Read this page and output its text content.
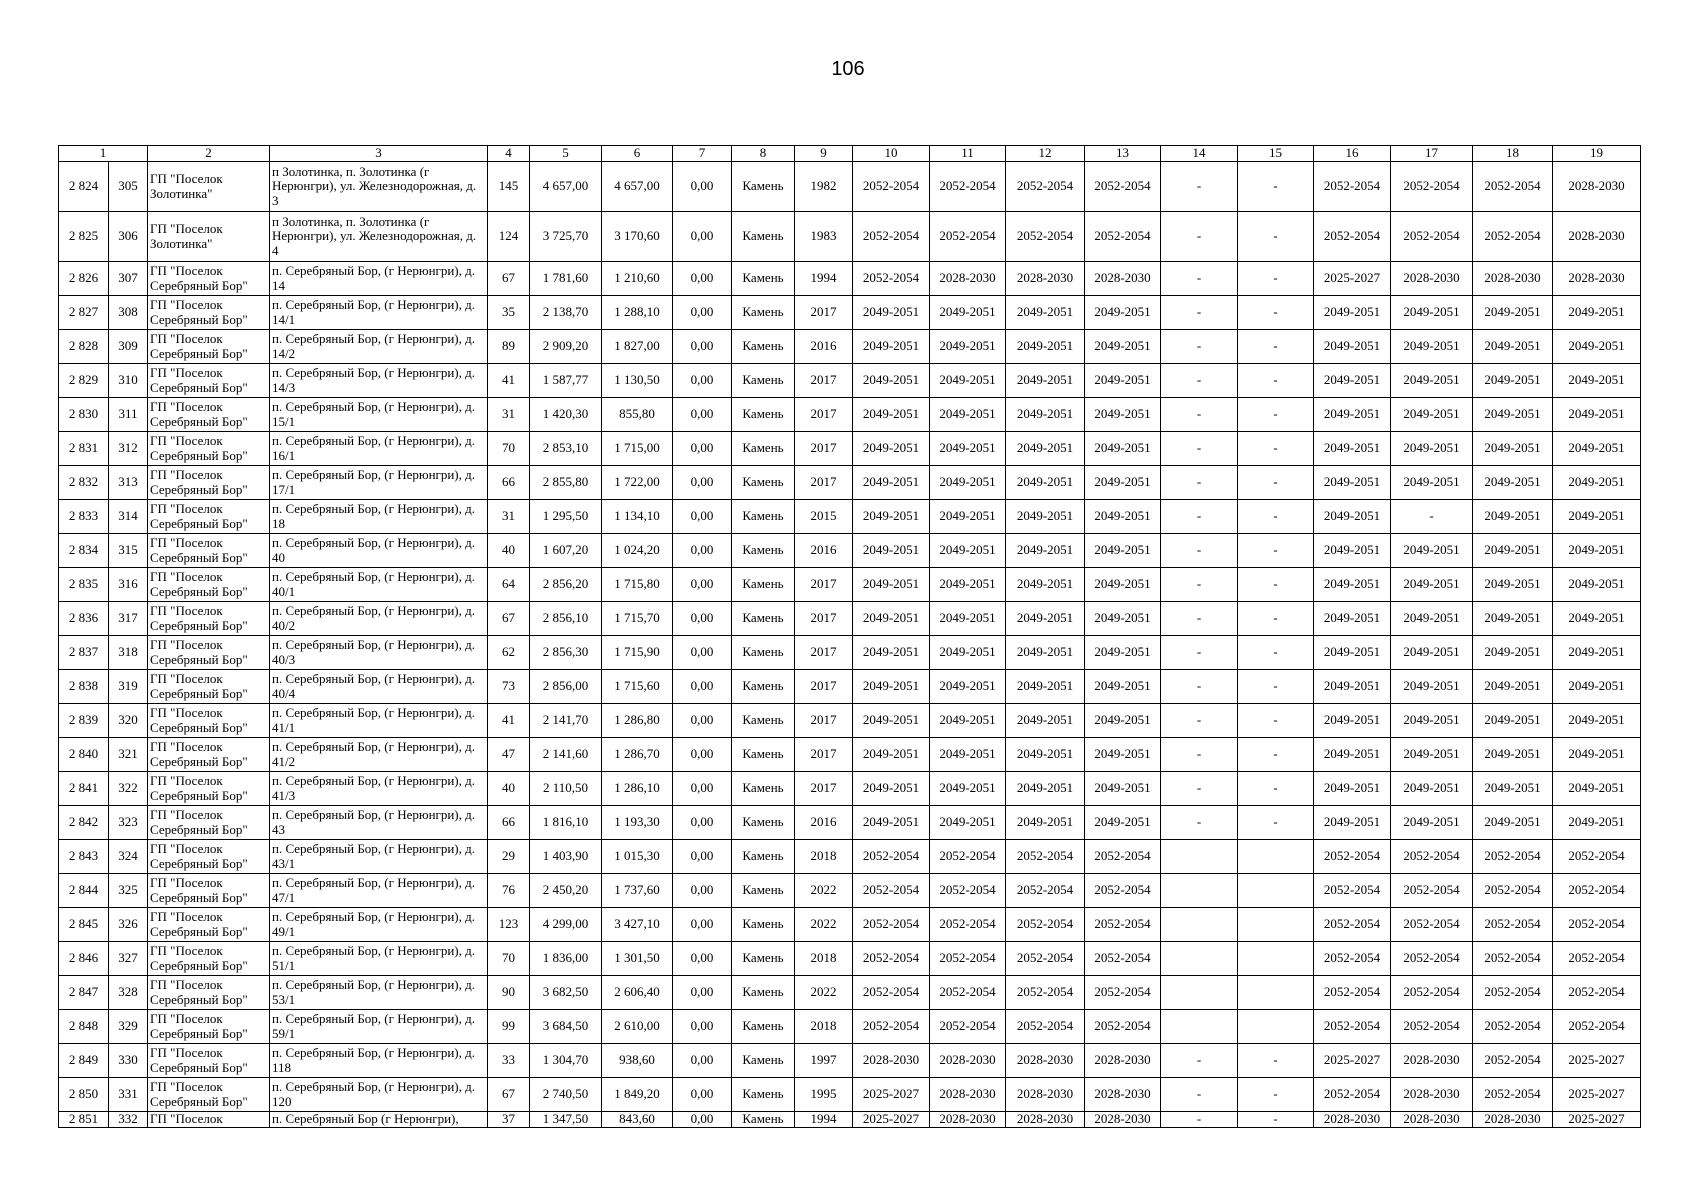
106
1		2	3	4	5	6	7	8	9	10	11	12	13	14	15	16	17	18	19
2 824	305	ГП "Поселок Золотинка"	п Золотинка, п. Золотинка (г Нерюнгри), ул. Железнодорожная, д. 3	145	4 657,00	4 657,00	0,00	Камень	1982	2052-2054	2052-2054	2052-2054	2052-2054	-	-	2052-2054	2052-2054	2052-2054	2028-2030
2 825	306	ГП "Поселок Золотинка"	п Золотинка, п. Золотинка (г Нерюнгри), ул. Железнодорожная, д. 4	124	3 725,70	3 170,60	0,00	Камень	1983	2052-2054	2052-2054	2052-2054	2052-2054	-	-	2052-2054	2052-2054	2052-2054	2028-2030
2 826	307	ГП "Поселок Серебряный Бор"	п. Серебряный Бор, (г Нерюнгри), д. 14	67	1 781,60	1 210,60	0,00	Камень	1994	2052-2054	2028-2030	2028-2030	2028-2030	-	-	2025-2027	2028-2030	2028-2030	2028-2030
2 827	308	ГП "Поселок Серебряный Бор"	п. Серебряный Бор, (г Нерюнгри), д. 14/1	35	2 138,70	1 288,10	0,00	Камень	2017	2049-2051	2049-2051	2049-2051	2049-2051	-	-	2049-2051	2049-2051	2049-2051	2049-2051
2 828	309	ГП "Поселок Серебряный Бор"	п. Серебряный Бор, (г Нерюнгри), д. 14/2	89	2 909,20	1 827,00	0,00	Камень	2016	2049-2051	2049-2051	2049-2051	2049-2051	-	-	2049-2051	2049-2051	2049-2051	2049-2051
2 829	310	ГП "Поселок Серебряный Бор"	п. Серебряный Бор, (г Нерюнгри), д. 14/3	41	1 587,77	1 130,50	0,00	Камень	2017	2049-2051	2049-2051	2049-2051	2049-2051	-	-	2049-2051	2049-2051	2049-2051	2049-2051
2 830	311	ГП "Поселок Серебряный Бор"	п. Серебряный Бор, (г Нерюнгри), д. 15/1	31	1 420,30	855,80	0,00	Камень	2017	2049-2051	2049-2051	2049-2051	2049-2051	-	-	2049-2051	2049-2051	2049-2051	2049-2051
2 831	312	ГП "Поселок Серебряный Бор"	п. Серебряный Бор, (г Нерюнгри), д. 16/1	70	2 853,10	1 715,00	0,00	Камень	2017	2049-2051	2049-2051	2049-2051	2049-2051	-	-	2049-2051	2049-2051	2049-2051	2049-2051
2 832	313	ГП "Поселок Серебряный Бор"	п. Серебряный Бор, (г Нерюнгри), д. 17/1	66	2 855,80	1 722,00	0,00	Камень	2017	2049-2051	2049-2051	2049-2051	2049-2051	-	-	2049-2051	2049-2051	2049-2051	2049-2051
2 833	314	ГП "Поселок Серебряный Бор"	п. Серебряный Бор, (г Нерюнгри), д. 18	31	1 295,50	1 134,10	0,00	Камень	2015	2049-2051	2049-2051	2049-2051	2049-2051	-	-	2049-2051	-	2049-2051	2049-2051
2 834	315	ГП "Поселок Серебряный Бор"	п. Серебряный Бор, (г Нерюнгри), д. 40	40	1 607,20	1 024,20	0,00	Камень	2016	2049-2051	2049-2051	2049-2051	2049-2051	-	-	2049-2051	2049-2051	2049-2051	2049-2051
2 835	316	ГП "Поселок Серебряный Бор"	п. Серебряный Бор, (г Нерюнгри), д. 40/1	64	2 856,20	1 715,80	0,00	Камень	2017	2049-2051	2049-2051	2049-2051	2049-2051	-	-	2049-2051	2049-2051	2049-2051	2049-2051
2 836	317	ГП "Поселок Серебряный Бор"	п. Серебряный Бор, (г Нерюнгри), д. 40/2	67	2 856,10	1 715,70	0,00	Камень	2017	2049-2051	2049-2051	2049-2051	2049-2051	-	-	2049-2051	2049-2051	2049-2051	2049-2051
2 837	318	ГП "Поселок Серебряный Бор"	п. Серебряный Бор, (г Нерюнгри), д. 40/3	62	2 856,30	1 715,90	0,00	Камень	2017	2049-2051	2049-2051	2049-2051	2049-2051	-	-	2049-2051	2049-2051	2049-2051	2049-2051
2 838	319	ГП "Поселок Серебряный Бор"	п. Серебряный Бор, (г Нерюнгри), д. 40/4	73	2 856,00	1 715,60	0,00	Камень	2017	2049-2051	2049-2051	2049-2051	2049-2051	-	-	2049-2051	2049-2051	2049-2051	2049-2051
2 839	320	ГП "Поселок Серебряный Бор"	п. Серебряный Бор, (г Нерюнгри), д. 41/1	41	2 141,70	1 286,80	0,00	Камень	2017	2049-2051	2049-2051	2049-2051	2049-2051	-	-	2049-2051	2049-2051	2049-2051	2049-2051
2 840	321	ГП "Поселок Серебряный Бор"	п. Серебряный Бор, (г Нерюнгри), д. 41/2	47	2 141,60	1 286,70	0,00	Камень	2017	2049-2051	2049-2051	2049-2051	2049-2051	-	-	2049-2051	2049-2051	2049-2051	2049-2051
2 841	322	ГП "Поселок Серебряный Бор"	п. Серебряный Бор, (г Нерюнгри), д. 41/3	40	2 110,50	1 286,10	0,00	Камень	2017	2049-2051	2049-2051	2049-2051	2049-2051	-	-	2049-2051	2049-2051	2049-2051	2049-2051
2 842	323	ГП "Поселок Серебряный Бор"	п. Серебряный Бор, (г Нерюнгри), д. 43	66	1 816,10	1 193,30	0,00	Камень	2016	2049-2051	2049-2051	2049-2051	2049-2051	-	-	2049-2051	2049-2051	2049-2051	2049-2051
2 843	324	ГП "Поселок Серебряный Бор"	п. Серебряный Бор, (г Нерюнгри), д. 43/1	29	1 403,90	1 015,30	0,00	Камень	2018	2052-2054	2052-2054	2052-2054	2052-2054			2052-2054	2052-2054	2052-2054	2052-2054
2 844	325	ГП "Поселок Серебряный Бор"	п. Серебряный Бор, (г Нерюнгри), д. 47/1	76	2 450,20	1 737,60	0,00	Камень	2022	2052-2054	2052-2054	2052-2054	2052-2054			2052-2054	2052-2054	2052-2054	2052-2054
2 845	326	ГП "Поселок Серебряный Бор"	п. Серебряный Бор, (г Нерюнгри), д. 49/1	123	4 299,00	3 427,10	0,00	Камень	2022	2052-2054	2052-2054	2052-2054	2052-2054			2052-2054	2052-2054	2052-2054	2052-2054
2 846	327	ГП "Поселок Серебряный Бор"	п. Серебряный Бор, (г Нерюнгри), д. 51/1	70	1 836,00	1 301,50	0,00	Камень	2018	2052-2054	2052-2054	2052-2054	2052-2054			2052-2054	2052-2054	2052-2054	2052-2054
2 847	328	ГП "Поселок Серебряный Бор"	п. Серебряный Бор, (г Нерюнгри), д. 53/1	90	3 682,50	2 606,40	0,00	Камень	2022	2052-2054	2052-2054	2052-2054	2052-2054			2052-2054	2052-2054	2052-2054	2052-2054
2 848	329	ГП "Поселок Серебряный Бор"	п. Серебряный Бор, (г Нерюнгри), д. 59/1	99	3 684,50	2 610,00	0,00	Камень	2018	2052-2054	2052-2054	2052-2054	2052-2054			2052-2054	2052-2054	2052-2054	2052-2054
2 849	330	ГП "Поселок Серебряный Бор"	п. Серебряный Бор, (г Нерюнгри), д. 118	33	1 304,70	938,60	0,00	Камень	1997	2028-2030	2028-2030	2028-2030	2028-2030	-	-	2025-2027	2028-2030	2052-2054	2025-2027
2 850	331	ГП "Поселок Серебряный Бор"	п. Серебряный Бор, (г Нерюнгри), д. 120	67	2 740,50	1 849,20	0,00	Камень	1995	2025-2027	2028-2030	2028-2030	2028-2030	-	-	2052-2054	2028-2030	2052-2054	2025-2027
2 851	332	ГП "Поселок	п. Серебряный Бор (г Нерюнгри),	37	1 347,50	843,60	0,00	Камень	1994	2025-2027	2028-2030	2028-2030	2028-2030	-	-	2028-2030	2028-2030	2028-2030	2025-2027
